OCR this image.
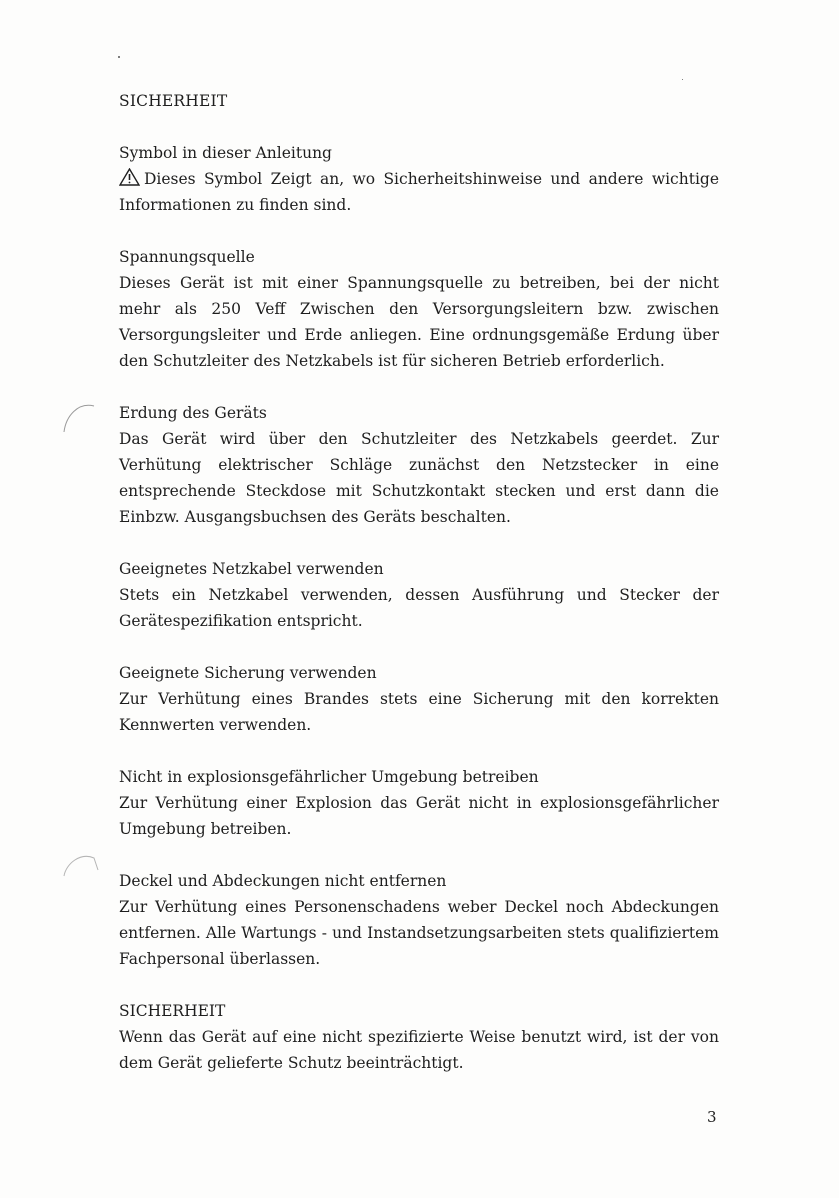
SICHERHEIT

Symbol in dieser Anleitung

Dieses Symbol Zeigt an, wo Sicherheitshinweise und andere wichtige Informationen zu finden sind.

Spannungsquelle

Dieses Gerät ist mit einer Spannungsquelle zu betreiben, bei der nicht mehr als 250 Veff Zwischen den Versorgungsleitern bzw. zwischen Versorgungsleiter und Erde anliegen. Eine ordnungsgemäße Erdung über den Schutzleiter des Netzkabels ist für sicheren Betrieb erforderlich.

Erdung des Geräts

Das Gerät wird über den Schutzleiter des Netzkabels geerdet. Zur Verhütung elektrischer Schläge zunächst den Netzstecker in eine entsprechende Steckdose mit Schutzkontakt stecken und erst dann die Einbzw. Ausgangsbuchsen des Geräts beschalten.

Geeignetes Netzkabel verwenden

Stets ein Netzkabel verwenden, dessen Ausführung und Stecker der Gerätespezifikation entspricht.

Geeignete Sicherung verwenden

Zur Verhütung eines Brandes stets eine Sicherung mit den korrekten Kennwerten verwenden.

Nicht in explosionsgefährlicher Umgebung betreiben

Zur Verhütung einer Explosion das Gerät nicht in explosionsgefährlicher Umgebung betreiben.

Deckel und Abdeckungen nicht entfernen

Zur Verhütung eines Personenschadens weber Deckel noch Abdeckungen entfernen. Alle Wartungs - und Instandsetzungsarbeiten stets qualifiziertem Fachpersonal überlassen.

SICHERHEIT

Wenn das Gerät auf eine nicht spezifizierte Weise benutzt wird, ist der von dem Gerät gelieferte Schutz beeinträchtigt.

3
